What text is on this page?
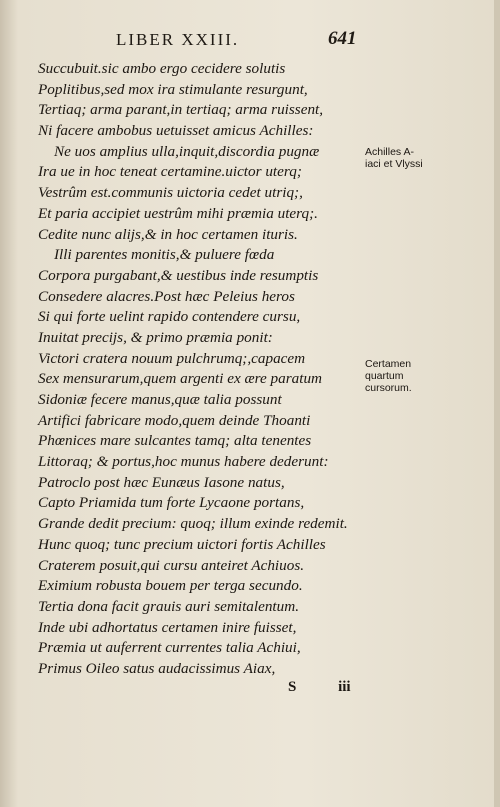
LIBER XXIII.	641
Succubuit.sic ambo ergo cecidere solutis
Poplitibus,sed mox ira stimulante resurgunt,
Tertiaq; arma parant,in tertiaq; arma ruissent,
Ni facere ambobus uetuisset amicus Achilles:
Ne uos amplius ulla,inquit,discordia pugnæ
Ira ue in hoc teneat certamine.uictor uterq;
Vestrûm est.communis uictoria cedet utriq;,
Et paria accipiet uestrûm mihi præmia uterq;.
Cedite nunc alijs,& in hoc certamen ituris.
Illi parentes monitis,& puluere fœda
Corpora purgabant,& uestibus inde resumptis
Consedere alacres.Post hæc Peleius heros
Si qui forte uelint rapido contendere cursu,
Inuitat precijs, & primo præmia ponit:
Victori cratera nouum pulchrumq;,capacem
Sex mensurarum,quem argenti ex ære paratum
Sidoniæ fecere manus,quæ talia possunt
Artifici fabricare modo,quem deinde Thoanti
Phœnices mare sulcantes tamq; alta tenentes
Littoraq; & portus,hoc munus habere dederunt:
Patroclo post hæc Eunæus Iasone natus,
Capto Priamida tum forte Lycaone portans,
Grande dedit precium: quoq; illum exinde redemit.
Hunc quoq; tunc precium uictori fortis Achilles
Craterem posuit,qui cursu anteiret Achiuos.
Eximium robusta bouem per terga secundo.
Tertia dona facit grauis auri semitalentum.
Inde ubi adhortatus certamen inire fuisset,
Præmia ut auferrent currentes talia Achiui,
Primus Oileo satus audacissimus Aiax,
Achilles A-
iaci et Vlyssi
Certamen
quartum
cursorum.
S	iii
